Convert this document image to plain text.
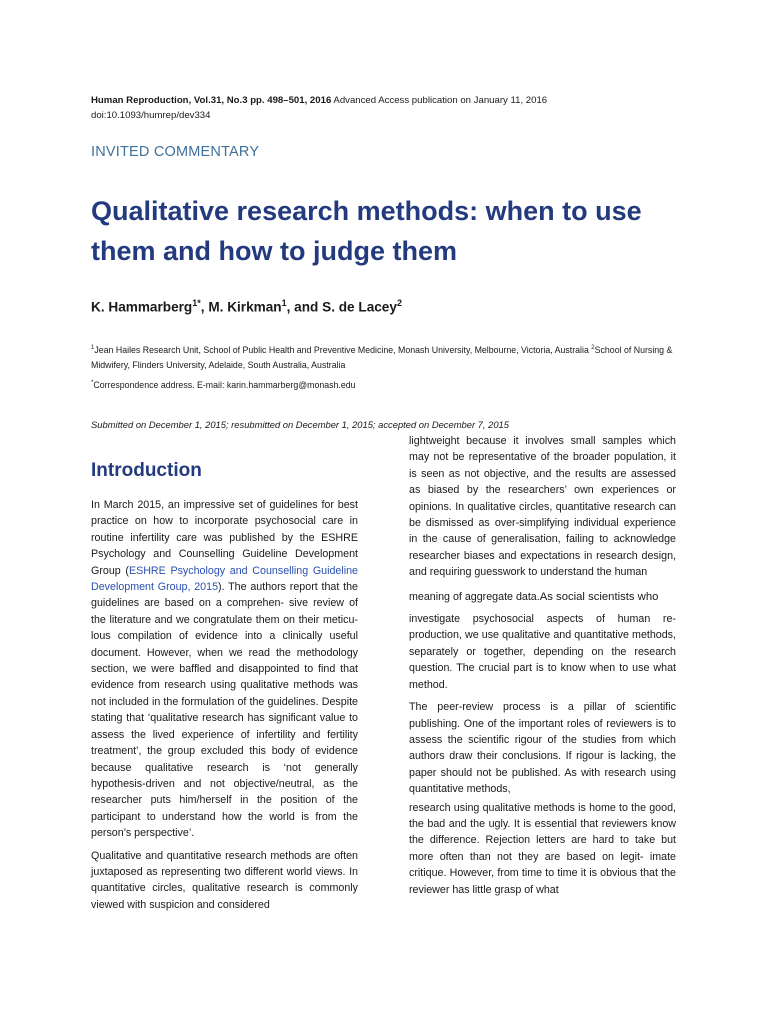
Human Reproduction, Vol.31, No.3 pp. 498–501, 2016 Advanced Access publication on January 11, 2016
doi:10.1093/humrep/dev334
INVITED COMMENTARY
Qualitative research methods: when to use them and how to judge them
K. Hammarberg$^{1*}$, M. Kirkman$^1$, and S. de Lacey$^2$

$^1$Jean Hailes Research Unit, School of Public Health and Preventive Medicine, Monash University, Melbourne, Victoria, Australia $^2$School of Nursing & Midwifery, Flinders University, Adelaide, South Australia, Australia

*Correspondence address. E-mail: karin.hammarberg@monash.edu

Submitted on December 1, 2015; resubmitted on December 1, 2015; accepted on December 7, 2015
Introduction

In March 2015, an impressive set of guidelines for best practice on how to incorporate psychosocial care in routine infertility care was published by the ESHRE Psychology and Counselling Guideline Development Group (ESHRE Psychology and Counselling Guideline Development Group, 2015). The authors report that the guidelines are based on a comprehen- sive review of the literature and we congratulate them on their meticu- lous compilation of evidence into a clinically useful document. However, when we read the methodology section, we were baffled and disappointed to find that evidence from research using qualitative methods was not included in the formulation of the guidelines. Despite stating that ‘qualitative research has significant value to assess the lived experience of infertility and fertility treatment’, the group excluded this body of evidence because qualitative research is ‘not generally hypothesis-driven and not objective/neutral, as the researcher puts him/herself in the position of the participant to understand how the world is from the person’s perspective’.

Qualitative and quantitative research methods are often juxtaposed as representing two different world views. In quantitative circles, qualitative research is commonly viewed with suspicion and considered

lightweight because it involves small samples which may not be representative of the broader population, it is seen as not objective, and the results are assessed as biased by the researchers’ own experiences or opinions. In qualitative circles, quantitative research can be dismissed as over-simplifying individual experience in the cause of generalisation, failing to acknowledge researcher biases and expectations in research design, and requiring guesswork to understand the human

meaning of aggregate data.As social scientists who

investigate psychosocial aspects of human re- production, we use qualitative and quantitative methods, separately or together, depending on the research question. The crucial part is to know when to use what method.

The peer-review process is a pillar of scientific publishing. One of the important roles of reviewers is to assess the scientific rigour of the studies from which authors draw their conclusions. If rigour is lacking, the paper should not be published. As with research using quantitative methods,

research using qualitative methods is home to the good, the bad and the ugly. It is essential that reviewers know the difference. Rejection letters are hard to take but more often than not they are based on legit- imate critique. However, from time to time it is obvious that the reviewer has little grasp of what
